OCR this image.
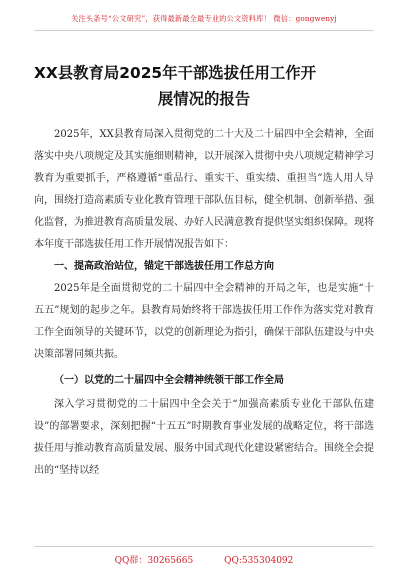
关注头条号“公文研究”，获得最新最全最专业的公文资料库！ 微信：gongwenyj
XX县教育局2025年干部选拔任用工作开
展情况的报告

2025年，XX县教育局深入贯彻党的二十大及二十届四中全会精神，全面落实中央八项规定及其实施细则精神，以开展深入贯彻中央八项规定精神学习教育为重要抓手，严格遵循“重品行、重实干、重实绩、重担当”选人用人导向，围绕打造高素质专业化教育管理干部队伍目标，健全机制、创新举措、强化监督，为推进教育高质量发展、办好人民满意教育提供坚实组织保障。现将本年度干部选拔任用工作开展情况报告如下：

一、提高政治站位，锚定干部选拔任用工作总方向

2025年是全面贯彻党的二十届四中全会精神的开局之年，也是实施“十五五”规划的起步之年。县教育局始终将干部选拔任用工作作为落实党对教育工作全面领导的关键环节，以党的创新理论为指引，确保干部队伍建设与中央决策部署同频共振。

（一）以党的二十届四中全会精神统领干部工作全局

深入学习贯彻党的二十届四中全会关于“加强高素质专业化干部队伍建设”的部署要求，深刻把握“十五五”时期教育事业发展的战略定位，将干部选拔任用与推动教育高质量发展、服务中国式现代化建设紧密结合。围绕全会提出的“坚持以经

QQ群：30265665	QQ:535304092
